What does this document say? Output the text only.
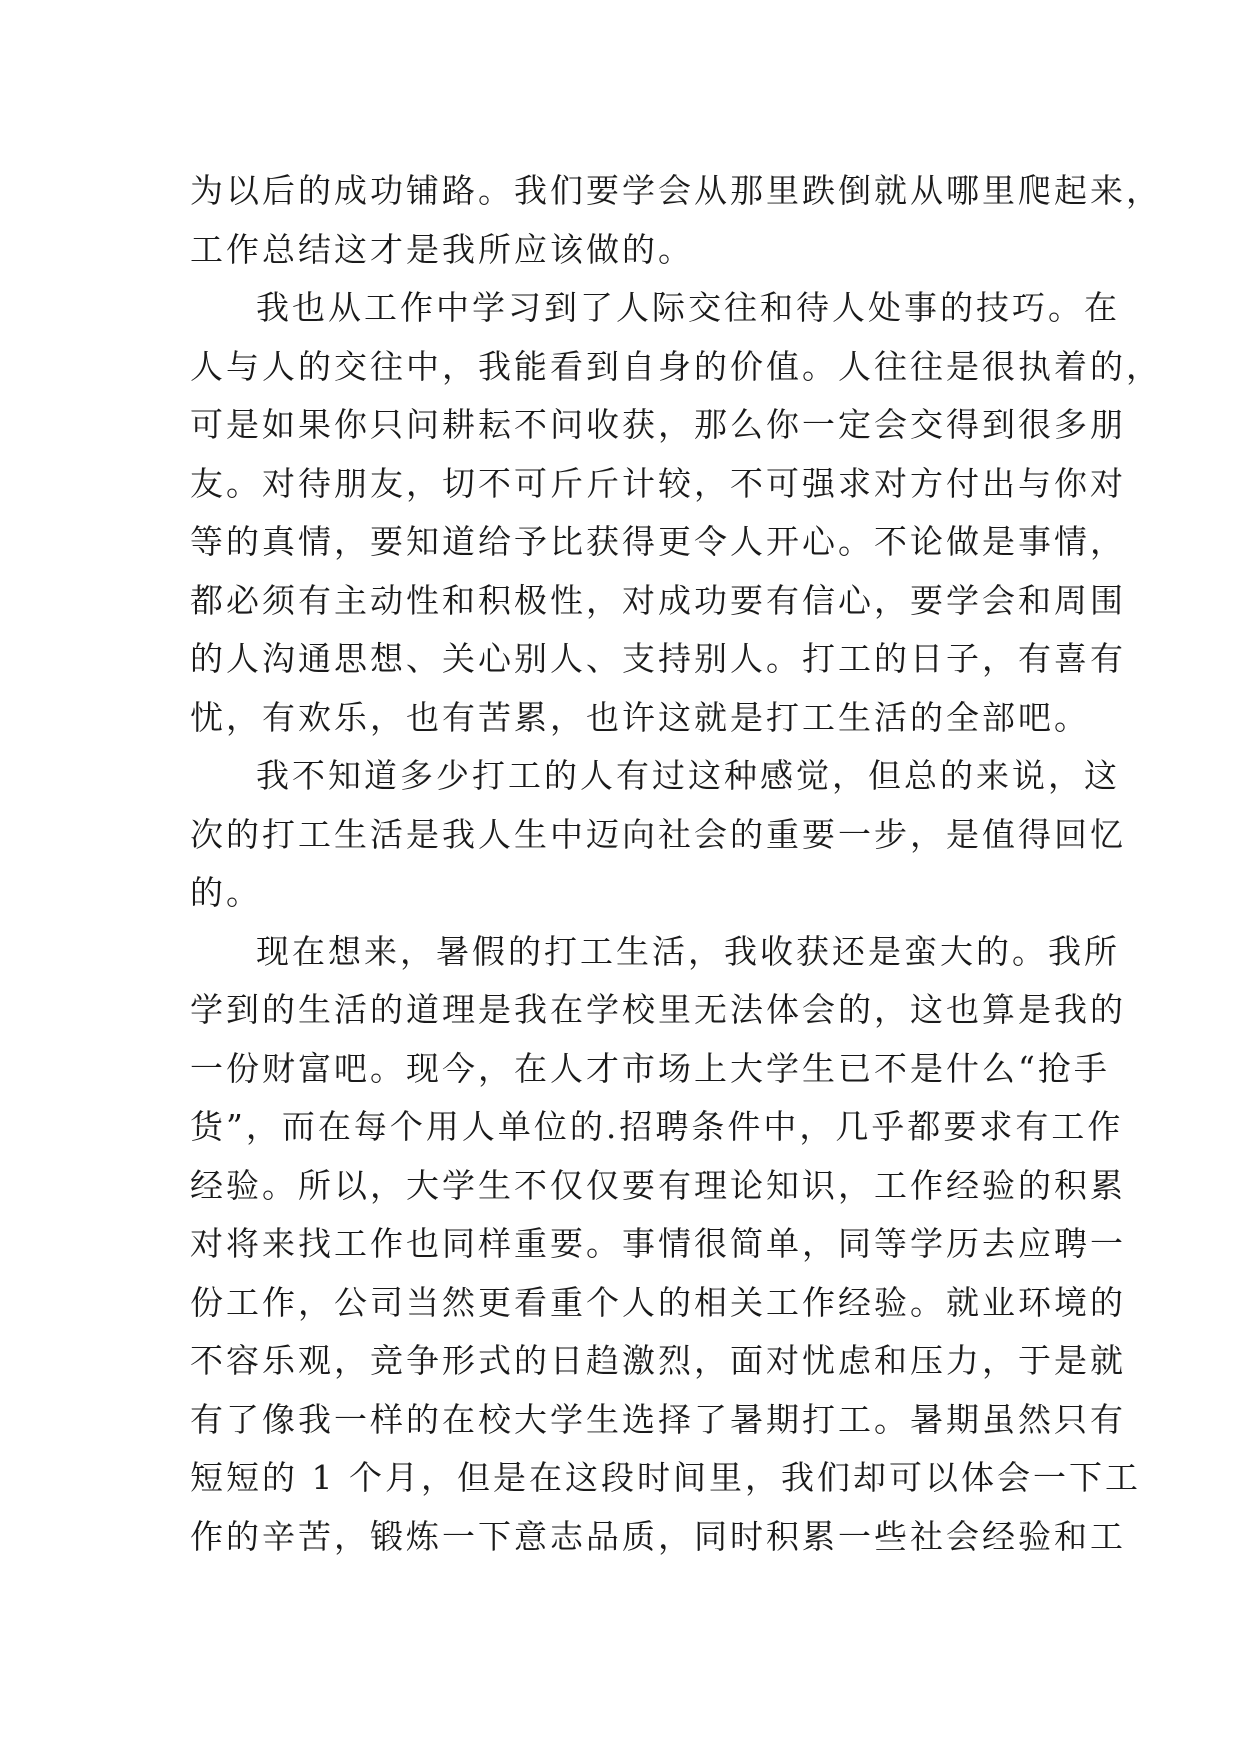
为以后的成功铺路。我们要学会从那里跌倒就从哪里爬起来，
工作总结这才是我所应该做的。
我也从工作中学习到了人际交往和待人处事的技巧。在
人与人的交往中，我能看到自身的价值。人往往是很执着的，
可是如果你只问耕耘不问收获，那么你一定会交得到很多朋
友。对待朋友，切不可斤斤计较，不可强求对方付出与你对
等的真情，要知道给予比获得更令人开心。不论做是事情，
都必须有主动性和积极性，对成功要有信心，要学会和周围
的人沟通思想、关心别人、支持别人。打工的日子，有喜有
忧，有欢乐，也有苦累，也许这就是打工生活的全部吧。
我不知道多少打工的人有过这种感觉，但总的来说，这
次的打工生活是我人生中迈向社会的重要一步，是值得回忆
的。
现在想来，暑假的打工生活，我收获还是蛮大的。我所
学到的生活的道理是我在学校里无法体会的，这也算是我的
一份财富吧。现今，在人才市场上大学生已不是什么“抢手
货”，而在每个用人单位的.招聘条件中，几乎都要求有工作
经验。所以，大学生不仅仅要有理论知识，工作经验的积累
对将来找工作也同样重要。事情很简单，同等学历去应聘一
份工作，公司当然更看重个人的相关工作经验。就业环境的
不容乐观，竞争形式的日趋激烈，面对忧虑和压力，于是就
有了像我一样的在校大学生选择了暑期打工。暑期虽然只有
短短的 1 个月，但是在这段时间里，我们却可以体会一下工
作的辛苦，锻炼一下意志品质，同时积累一些社会经验和工
